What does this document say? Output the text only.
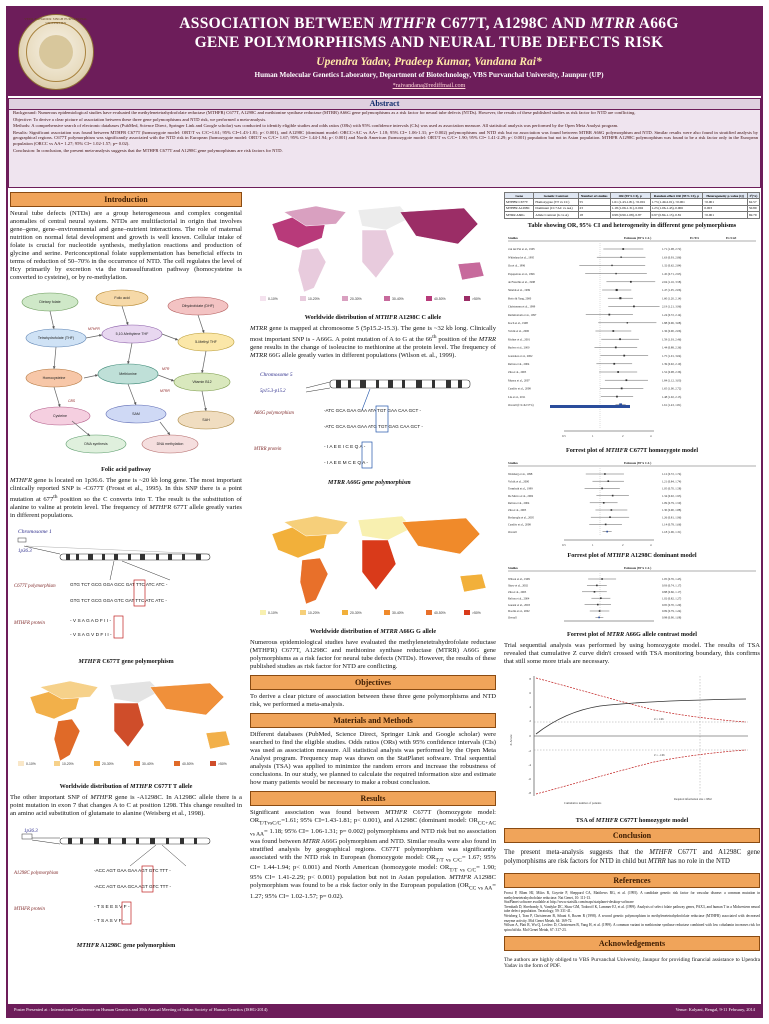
VEER BAHADUR SINGH PURVANCHAL UNIVERSITY	ASSOCIATION BETWEEN MTHFR C677T, A1298C AND MTRR A66G
GENE POLYMORPHISMS AND NEURAL TUBE DEFECTS RISK
Upendra Yadav, Pradeep Kumar, Vandana Rai*
Human Molecular Genetics Laboratory, Department of Biotechnology, VBS Purvanchal University, Jaunpur (UP)
*raivandana@rediffmail.com
Abstract

Background: Numerous epidemiological studies have evaluated the methylenetetrahydrofolate reductase (MTHFR) C677T, A1298C and methionine synthase reductase (MTRR) A66G gene polymorphisms as a risk factor for neural tube defects (NTDs). However, the results of these published studies as risk factor for NTD are conflicting.

Objective: To derive a clear picture of association between these three gene polymorphisms and NTD risk, we performed a meta-analysis.

Methods: A comprehensive search of electronic databases (PubMed, Science Direct, Springer Link and Google scholar) was conducted to identify eligible studies and odds ratios (ORs) with 95% confidence intervals (CIs) was used as association measure. All statistical analysis was performed by the Open Meta Analyst program.

Results: Significant association was found between MTHFR C677T (homozygote model: ORT/T vs C/C=1.61; 95% CI=1.43-1.81; p< 0.001), and A1298C (dominant model: ORCC+AC vs AA= 1.18; 95% CI= 1.06-1.31; p= 0.002) polymorphisms and NTD risk but no association was found between MTRR A66G polymorphism and NTD. Similar results were also found in stratified analysis by geographical regions. C677T polymorphism was significantly associated with the NTD risk in European (homozygote model: ORT/T vs C/C= 1.67; 95% CI= 1.44-1.94; p< 0.001) and North American (homozygote model: ORT/T vs C/C= 1.90; 95% CI= 1.41-2.29; p< 0.001) population but not in Asian population. MTHFR A1298C polymorphism was found to be a risk factor only in the European population (ORCC vs AA= 1.27; 95% CI= 1.02-1.57; p= 0.02).

Conclusion: In conclusion, the present meta-analysis suggests that the MTHFR C677T and A1298C gene polymorphisms are risk factors for NTD.

Introduction

Neural tube defects (NTDs) are a group heterogeneous and complex congenital anomalies of central neural system. NTDs are multifactorial in origin that involves gene–gene, gene–environmental and gene–nutrient interactions. The role of maternal nutrition on normal fetal development and growth is well known. Cellular intake of folate is crucial for nucleotide synthesis, methylation reactions and production of glycine and serine. Periconceptional folate supplementation has beneficial effects in terms of reduction of 50–70% in the occurrence of NTD. The cell regulates the level of Hcy primarily by excretion via the transsulfuration pathway (homocysteine is converted to cysteine), or by re-methylation.

Dietary folate
Folic acid
Dihydrofolate (DHF)
Tetrahydrofolate (THF)
5,10-Methylene THF
5-Methyl THF
Homocysteine
Methionine
Vitamin B12
Cysteine	SAM
SAH
DNA synthesis	DNA methylation
MTHFR
MTR
MTRR
CBS
Folic acid pathway

MTHFR gene is located on 1p36.6. The gene is ~20 kb long gene. The most important clinically reported SNP is -C677T (Frosst et al., 1995). In this SNP there is a point mutation at 677th position so the C converts into T. The result is the substitution of alanine to valine at protein level. The frequency of MTHFR 677T allele greatly varies in different populations.

Chromosome 1
1p36.3
GTG TCT GCG GGA GCC GAT TTC ATC ATC -
GTG TCT GCG GGA GTC GAT TTC ATC ATC -
C677T polymorphism
MTHFR protein	- V S A G A D F I I -
- V S A G V D F I I -
MTHFR C677T gene polymorphism
0-10%	10-20%	20-30%	30-40%	40-50%	>50%
Worldwide distribution of MTHFR C677T T allele

The other important SNP of MTHFR gene is -A1298C. In A1298C allele there is a point mutation in exon 7 that changes A to C at position 1298. This change resulted in an amino acid substitution of glutamate to alanine (Weisberg et al., 1998).

1p36.3
A1298C polymorphism
-ACC AGT GAA GAA AGT GTC TTT -
-ACC AGT GAA GCA AGT GTC TTT -
MTHFR protein	- T S E E S V F -
- T S A S V F -
MTHFR A1298C gene polymorphism
0-10%	10-20%	20-30%	30-40%	40-50%	>50%
Worldwide distribution of MTHFR A1298C C allele

MTRR gene is mapped at chromosome 5 (5p15.2-15.3). The gene is ~32 kb long. Clinically most important SNP is - A66G. A point mutation of A to G at the 66th position of the MTRR gene results in the change of isoleucine to methionine at the protein level. The frequency of MTRR 66G allele greatly varies in different populations (Wilson et. al., 1999).

Chromosome 5
5p15.3-p15.2
A66G polymorphism
-ATC GCA GAA GAA ATA TGT GAA CAA GCT -
-ATC GCA GAA GAA ATG TGT GAG CAA GCT -
MTRR protein	- I A E E I C E Q A -
- I A E E M C E Q A -
MTRR A66G gene polymorphism
0-10%	10-20%	20-30%	30-40%	40-50%	>50%
Worldwide distribution of MTRR A66G G allele

Numerous epidemiological studies have evaluated the methylenetetrahydrofolate reductase (MTHFR) C677T, A1298C and methionine synthase reductase (MTRR) A66G gene polymorphisms as a risk factor for neural tube defects (NTDs). However, the results of these published studies as risk factor for NTD are conflicting.

Objectives

To derive a clear picture of association between these three gene polymorphisms and NTD risk, we performed a meta-analysis.

Materials and Methods

Different databases (PubMed, Science Direct, Springer Link and Google scholar) were searched to find the eligible studies. Odds ratios (ORs) with 95% confidence intervals (CIs) was used as association measure. All statistical analysis was performed by the Open Meta Analyst program. Frequency map was drawn on the StatPlanet software. Trial sequential analysis (TSA) was applied to minimize the random errors and increase the robustness of conclusions. In our study, we planned to calculate the required information size and estimate how many patients would be necessary to make a robust conclusion.

Results

Significant association was found between MTHFR C677T (homozygote model: $OR_{T/TvsC/C}=1.61$; 95% CI=1.43-1.81; p< 0.001), and A1298C (dominant model: $OR_{CC+AC vs AA}= 1.18$; 95% CI= 1.06-1.31; p= 0.002) polymorphisms and NTD risk but no association was found between MTRR A66G polymorphism and NTD. Similar results were also found in stratified analysis by geographical regions. C677T polymorphism was significantly associated with the NTD risk in European (homozygote model: $OR_{T/T vs C/C}= 1.67$; 95% CI= 1.44-1.94; p< 0.001) and North American (homozygote model: $OR_{T/T vs C/C}= 1.90$; 95% CI= 1.41-2.29; p< 0.001) population but not in Asian population. MTHFR A1298C polymorphism was found to be a risk factor only in the European population ($OR_{CC vs AA}= 1.27$; 95% CI= 1.02-1.57; p= 0.02).

Gene	Genetic Contrast	Number of studies	OR (95% CI), p	Random effect OR (95% CI), p	Heterogeneity p-value (Q)	I²(%)
MTHFR C677T	Homozygote (TT vs CC)	55	1.61 (1.43-1.81), <0.001	1.73 (1.49-2.01), <0.001	<0.001	62.57
MTHFR A1298C	Dominant (CC+AC vs AA)	23	1.18 (1.06-1.31), 0.002	1.23 (1.06-1.43), 0.006	0.003	50.89
MTRR A66G	Allele Contrast (G vs A)	18	0.98 (0.90-1.08), 0.87	0.97 (0.84-1.13), 0.81	<0.001	69.79
Table showing OR, 95% CI and heterogeneity in different gene polymorphisms
Studies	Estimate (95% C.I.)	Ev/Trt	Ev/Ctrl
van der Put et al., 1995	1.71 (1.08, 2.72)
Whitehead et al., 1995	1.63 (0.93, 2.86)
Ou et al., 1996	1.32 (0.62, 2.84)
Papapetrou et al., 1996	1.45 (0.71, 2.95)
de Franchis et al., 1998	2.04 (1.16, 3.58)
Shields et al., 1999	1.47 (1.05, 2.06)
Botto & Yang, 2000	1.60 (1.20, 2.14)
Christensen et al., 1999	2.19 (1.21, 3.96)
Ramsbottom et al., 1997	1.24 (0.72, 2.14)
Koch et al., 1998	1.88 (0.96, 3.68)
Volcik et al., 2000	1.36 (0.90, 2.06)
Richter et al., 2001	1.59 (1.03, 2.46)
Barber et al., 2000	1.44 (0.88, 2.36)
Gonzalez et al., 2002	1.75 (1.01, 3.04)
Relton et al., 2004	1.39 (0.92, 2.10)
Zhu et al., 2005	1.52 (0.98, 2.36)
Munoz et al., 2007	1.84 (1.12, 3.03)
Candito et al., 2008	1.65 (1.00, 2.72)
Liu et al., 2011	1.48 (1.02, 2.15)
Overall (I^2=62.57%)	1.61 (1.43, 1.81)
0.5	1	2	4
Forrest plot of MTHFR C677T homozygote model
Studies	Estimate (95% C.I.)
Weisberg et al., 1998	1.12 (0.72, 1.74)
Volcik et al., 2000	1.21 (0.84, 1.74)
Trembath et al., 1999	1.05 (0.70, 1.58)
De Marco et al., 2002	1.34 (0.92, 1.95)
Relton et al., 2004	1.09 (0.79, 1.50)
Zhu et al., 2005	1.30 (0.90, 1.88)
Boduroglu et al., 2005	1.26 (0.81, 1.96)
Candito et al., 2008	1.14 (0.78, 1.66)
Overall	1.18 (1.06, 1.31)
0.5	1	2	4
Forrest plot of MTHFR A1298C dominant model
Studies	Estimate (95% C.I.)
Wilson et al., 1999	1.05 (0.76, 1.45)
Shaw et al., 2002	0.93 (0.74, 1.17)
Zhu et al., 2003	0.88 (0.66, 1.17)
Relton et al., 2004	1.02 (0.82, 1.27)
Gueant et al., 2003	0.95 (0.70, 1.29)
Doolin et al., 2002	0.99 (0.79, 1.24)
Overall	0.98 (0.90, 1.08)
Forrest plot of MTRR A66G allele contrast model

Trial sequential analysis was performed by using homozygote model. The results of TSA revealed that cumulative Z curve didn't crossed with TSA monitoring boundary, this confirms that still some more trials are necessary.

8
6
4
2
0
-2
-4
-6
-8
Z-Score
Z = 1.96
Z = -1.96
Required information size = 9842
Cumulative number of patients
TSA of MTHFR C677T homozygote model
Conclusion

The present meta-analysis suggests that the MTHFR C677T and A1298C gene polymorphisms are risk factors for NTD in child but MTRR has no role in the NTD

References
Frosst P, Blom HJ, Milos R, Goyette P, Sheppard CA, Matthews RG, et al. (1995). A candidate genetic risk factor for vascular disease: a common mutation in methylenetetrahydrofolate reductase. Nat Genet, 10: 111-13.
StatPlanet software available at http://www.statsilk.com/maps/statplanet-desktop-software
Trembath D, Sherbondy A, Vandyke DC, Shaw GM, Todoroff K, Lammer EJ, et al. (1999). Analysis of select folate pathway genes, PAX3, and human T in a Midwestern neural tube defect population. Teratology, 59: 331-41.
Weisberg I, Tran P, Christensen B, Sibani S, Rozen R (1998). A second genetic polymorphism in methylenetetrahydrofolate reductase (MTHFR) associated with decreased enzyme activity. Mol Genet Metab, 64: 169-72.
Wilson A, Platt R, Wu Q, Leclerc D, Christensen B, Yang H, et al. (1999). A common variant in methionine synthase reductase combined with low cobalamin increases risk for spina bifida. Mol Genet Metab, 67: 317-23.
Acknowledgements

The authors are highly obliged to VBS Purvanchal University, Jaunpur for providing financial assistance to Upendra Yadav in the form of PDF.

Poster Presented at : International Conference on Human Genetics and 39th Annual Meeting of Indian Society of Human Genetics (ISHG-2014)	Venue: Kalyani, Bengal, 9-11 February, 2014
